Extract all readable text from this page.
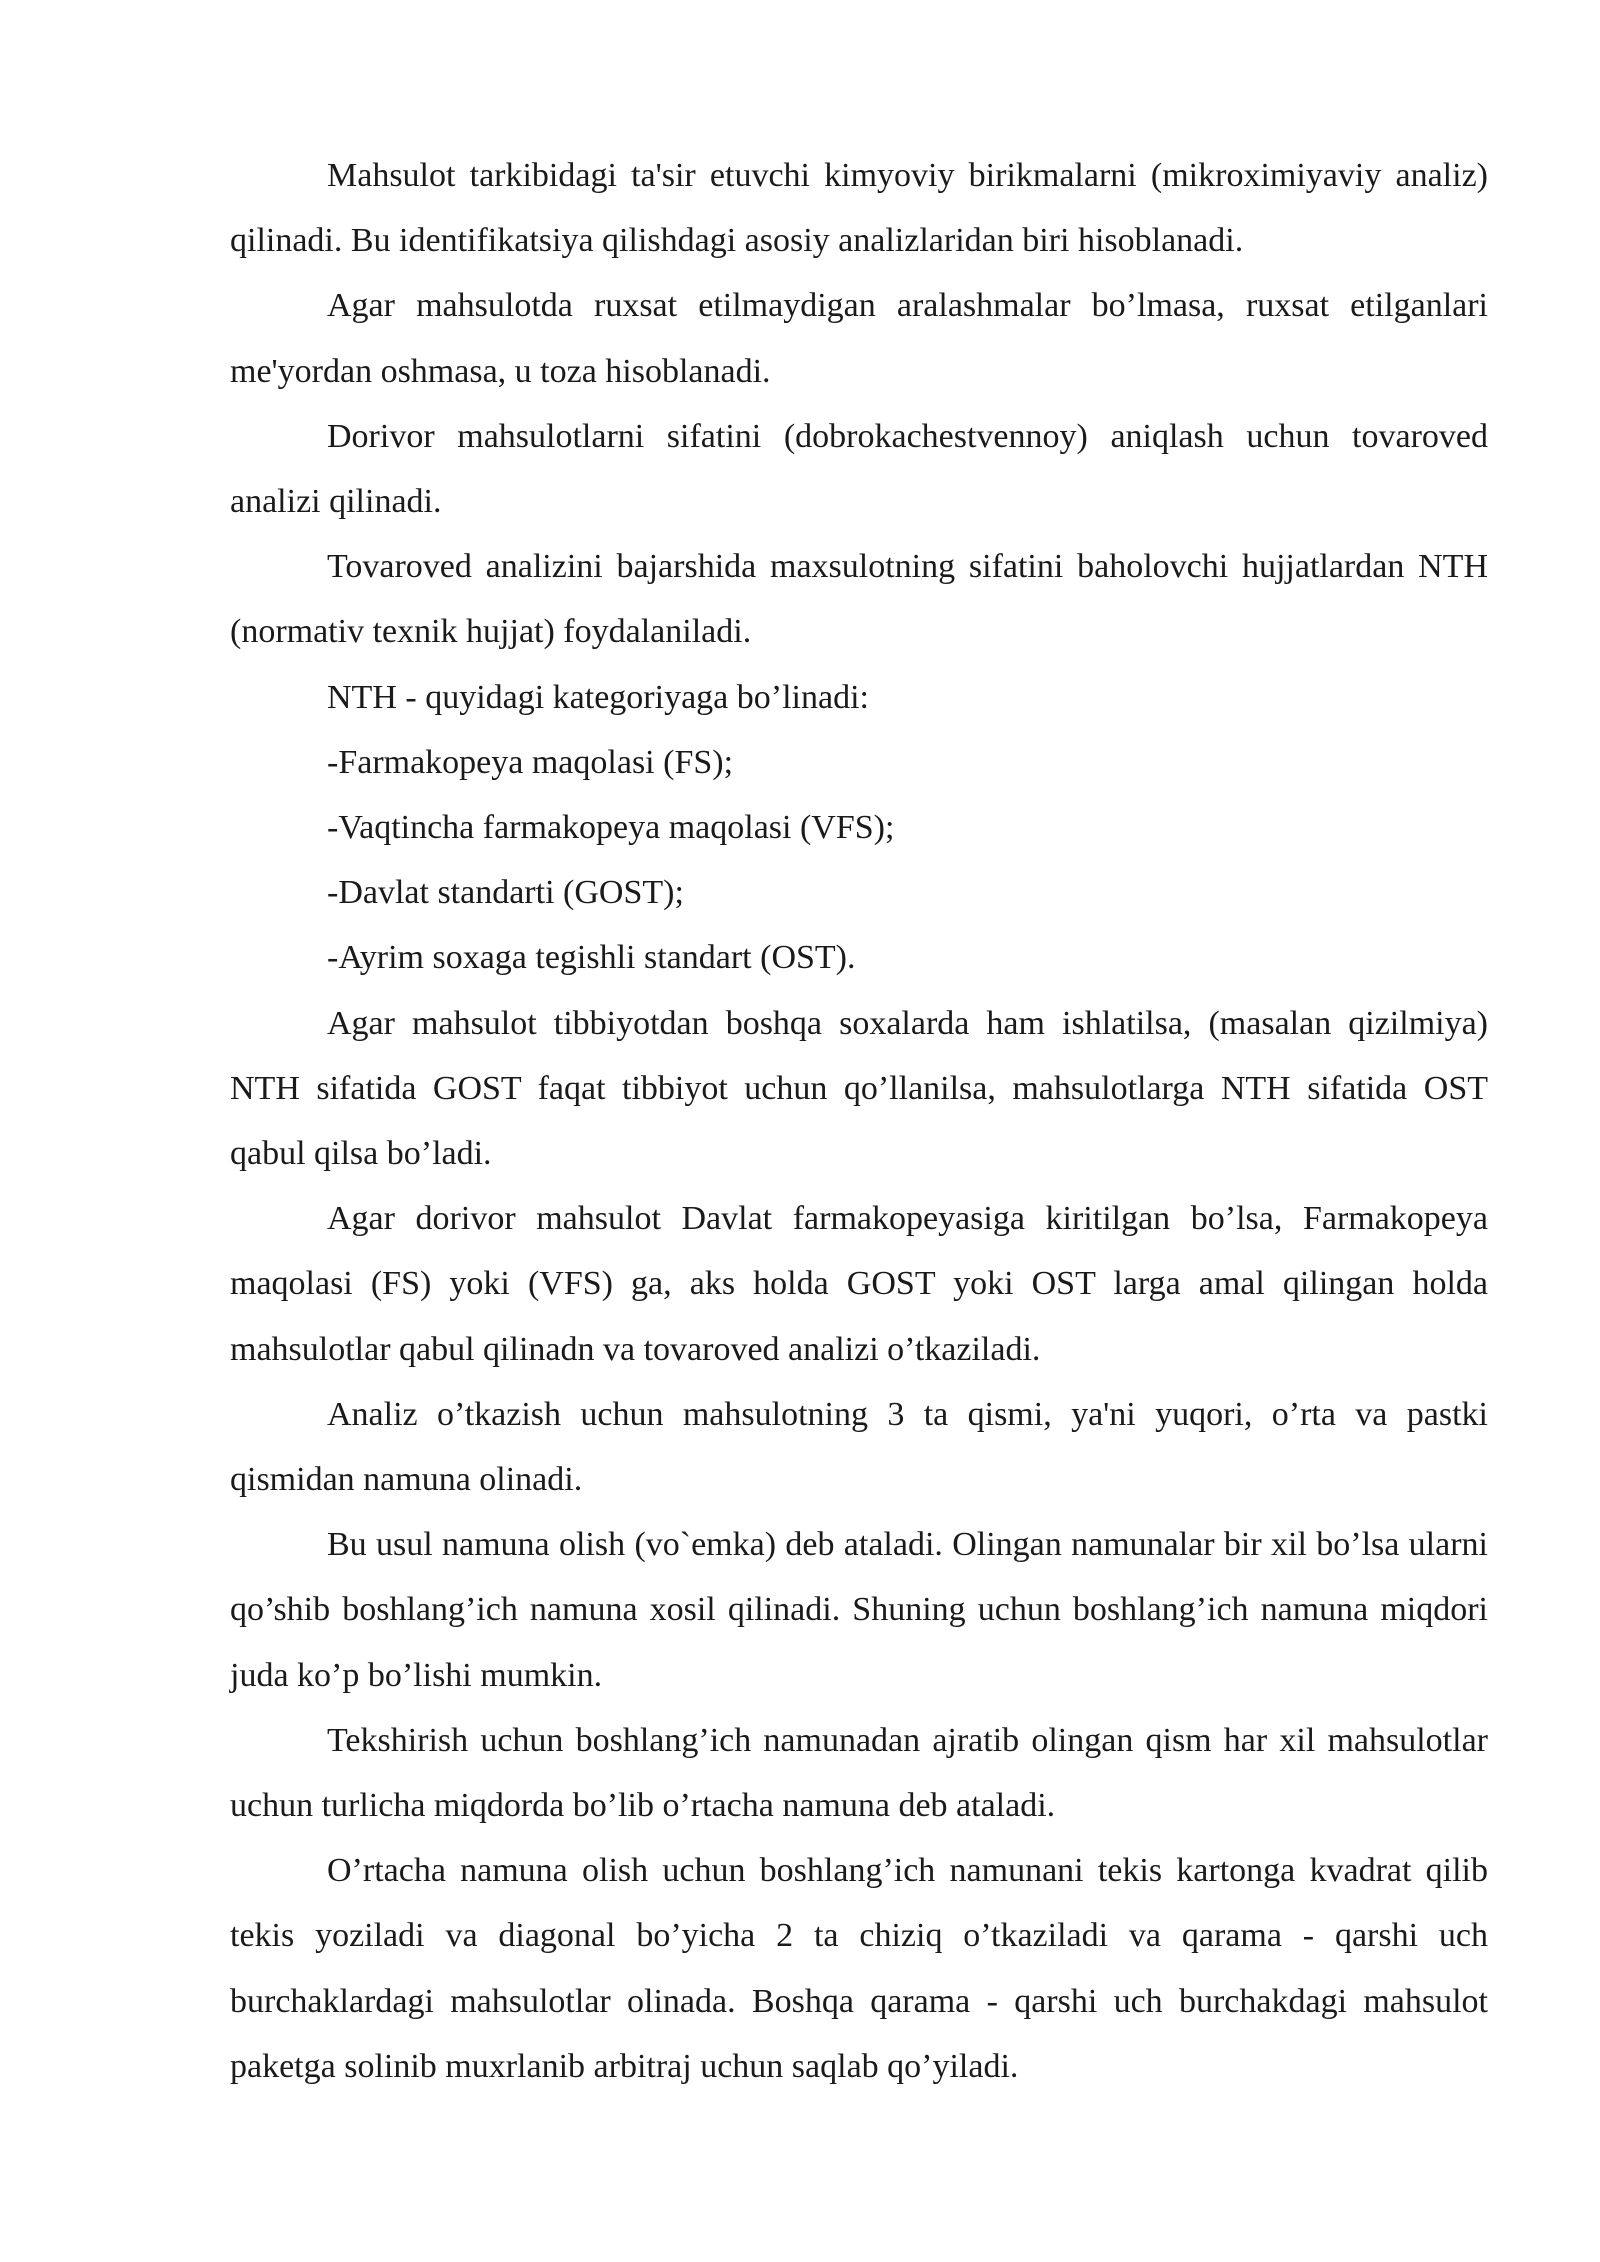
Mahsulot tarkibidagi ta'sir etuvchi kimyoviy birikmalarni (mikroximiyaviy analiz) qilinadi. Bu identifikatsiya qilishdagi asosiy analizlaridan biri hisoblanadi.

Agar mahsulotda ruxsat etilmaydigan aralashmalar bo’lmasa, ruxsat etilganlari me'yordan oshmasa, u toza hisoblanadi.

Dorivor mahsulotlarni sifatini (dobrokachestvennoy) aniqlash uchun tovaroved analizi qilinadi.

Tovaroved analizini bajarshida maxsulotning sifatini baholovchi hujjatlardan NTH (normativ texnik hujjat) foydalaniladi.

NTH - quyidagi kategoriyaga bo’linadi:

-Farmakopeya maqolasi (FS);

-Vaqtincha farmakopeya maqolasi (VFS);

-Davlat standarti (GOST);

-Ayrim soxaga tegishli standart (OST).

Agar mahsulot tibbiyotdan boshqa soxalarda ham ishlatilsa, (masalan qizilmiya) NTH sifatida GOST faqat tibbiyot uchun qo’llanilsa, mahsulotlarga NTH sifatida OST qabul qilsa bo’ladi.

Agar dorivor mahsulot Davlat farmakopeyasiga kiritilgan bo’lsa, Farmakopeya maqolasi (FS) yoki (VFS) ga, aks holda GOST yoki OST larga amal qilingan holda mahsulotlar qabul qilinadn va tovaroved analizi o’tkaziladi.

Analiz o’tkazish uchun mahsulotning 3 ta qismi, ya'ni yuqori, o’rta va pastki qismidan namuna olinadi.

Bu usul namuna olish (vo`emka) deb ataladi. Olingan namunalar bir xil bo’lsa ularni qo’shib boshlang’ich namuna xosil qilinadi. Shuning uchun boshlang’ich namuna miqdori juda ko’p bo’lishi mumkin.

Tekshirish uchun boshlang’ich namunadan ajratib olingan qism har xil mahsulotlar uchun turlicha miqdorda bo’lib o’rtacha namuna deb ataladi.

O’rtacha namuna olish uchun boshlang’ich namunani tekis kartonga kvadrat qilib tekis yoziladi va diagonal bo’yicha 2 ta chiziq o’tkaziladi va qarama - qarshi uch burchaklardagi mahsulotlar olinada. Boshqa qarama - qarshi uch burchakdagi mahsulot paketga solinib muxrlanib arbitraj uchun saqlab qo’yiladi.
